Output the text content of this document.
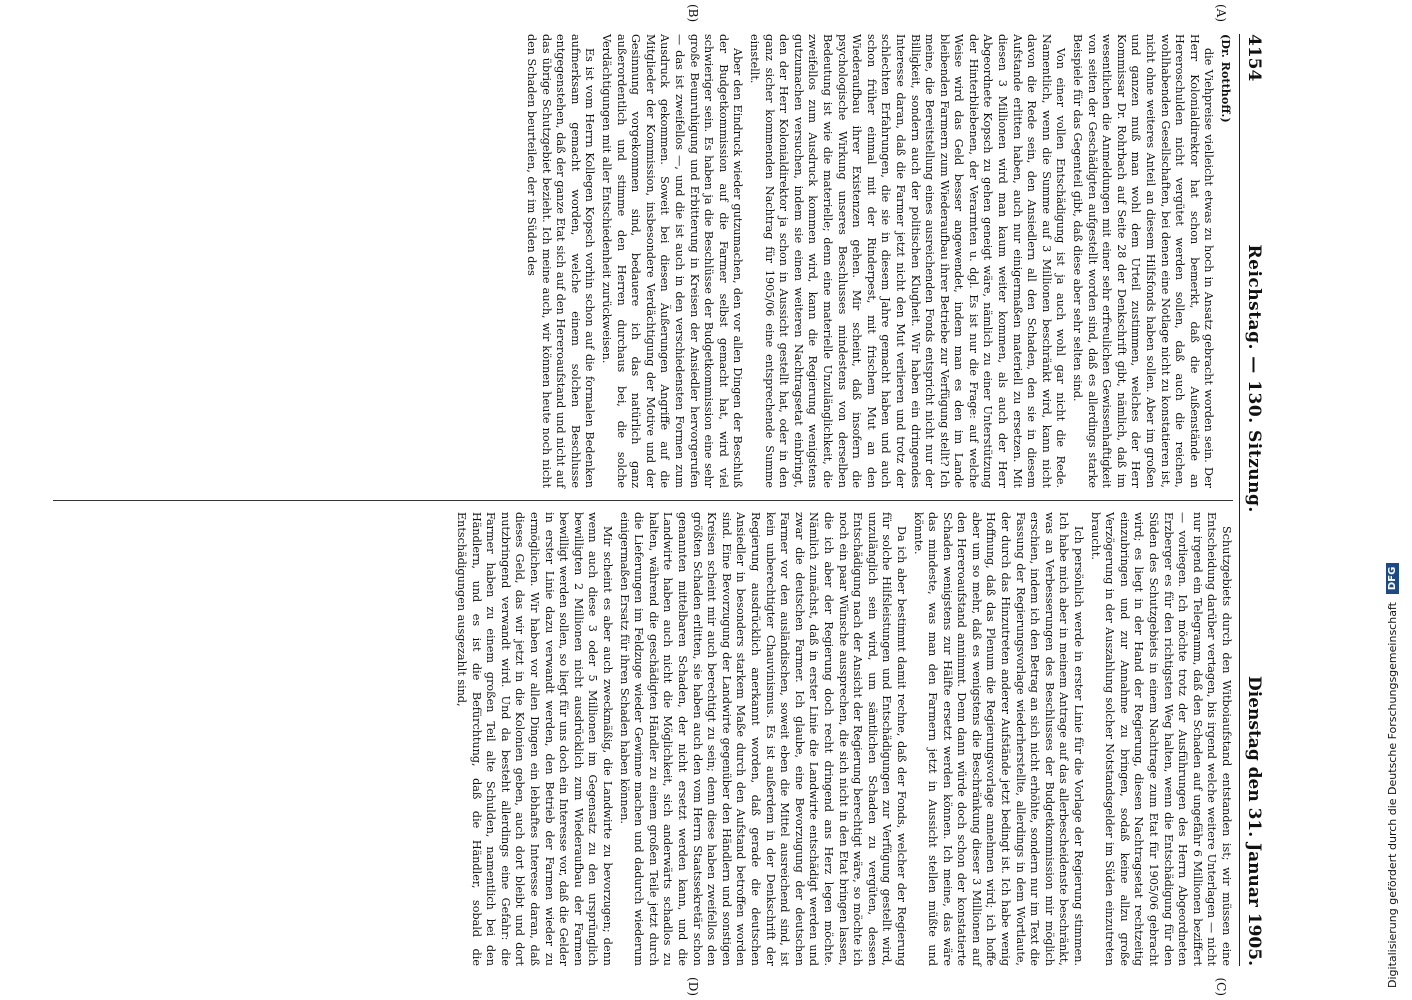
4154
Reichstag. — 130. Sitzung.
Dienstag den 31. Januar 1905.

(Dr. Rotthoff.)

die Viehpreise vielleicht etwas zu hoch in Ansatz gebracht worden sein. Der Herr Kolonialdirektor hat schon bemerkt, daß die Außenstände an Hereroschulden nicht vergütet werden sollen, daß auch die reichen, wohlhabenden Gesellschaften, bei denen eine Notlage nicht zu konstatieren ist, nicht ohne weiteres Anteil an diesem Hilfsfonds haben sollen. Aber im großen und ganzen muß man wohl dem Urteil zustimmen, welches der Herr Kommissar Dr. Rohrbach auf Seite 28 der Denkschrift gibt, nämlich, daß im wesentlichen die Anmeldungen mit einer sehr erfreulichen Gewissenhaftigkeit von seiten der Geschädigten aufgestellt worden sind, daß es allerdings starke Beispiele für das Gegenteil gibt, daß diese aber sehr selten sind.

Von einer vollen Entschädigung ist ja auch wohl gar nicht die Rede. Namentlich, wenn die Summe auf 3 Millionen beschränkt wird, kann nicht davon die Rede sein, den Ansiedlern all den Schaden, den sie in diesem Aufstande erlitten haben, auch nur einigermaßen materiell zu ersetzen. Mit diesen 3 Millionen wird man kaum weiter kommen, als auch der Herr Abgeordnete Kopsch zu gehen geneigt wäre, nämlich zu einer Unterstützung der Hinterbliebenen, der Verarmten u. dgl. Es ist nur die Frage: auf welche Weise wird das Geld besser angewendet, indem man es den im Lande bleibenden Farmern zum Wiederaufbau ihrer Betriebe zur Verfügung stellt? Ich meine, die Bereitstellung eines ausreichenden Fonds entspricht nicht nur der Billigkeit, sondern auch der politischen Klugheit. Wir haben ein dringendes Interesse daran, daß die Farmer jetzt nicht den Mut verlieren und trotz der schlechten Erfahrungen, die sie in diesem Jahre gemacht haben und auch schon früher einmal mit der Rinderpest, mit frischem Mut an den Wiederaufbau ihrer Existenzen gehen. Mir scheint, daß insofern die psychologische Wirkung unseres Beschlusses mindestens von derselben Bedeutung ist wie die materielle; denn eine materielle Unzulänglichkeit, die zweifellos zum Ausdruck kommen wird, kann die Regierung wenigstens gutzumachen versuchen, indem sie einen weiteren Nachtragsetat einbringt, den der Herr Kolonialdirektor ja schon in Aussicht gestellt hat, oder in den ganz sicher kommenden Nachtrag für 1905/06 eine entsprechende Summe einstellt.

Aber den Eindruck wieder gutzumachen, den vor allen Dingen der Beschluß der Budgetkommission auf die Farmer selbst gemacht hat, wird viel schwieriger sein. Es haben ja die Beschlüsse der Budgetkommission eine sehr große Beunruhigung und Erbitterung in Kreisen der Ansiedler hervorgerufen — das ist zweifellos —, und die ist auch in den verschiedensten Formen zum Ausdruck gekommen. Soweit bei diesen Äußerungen Angriffe auf die Mitglieder der Kommission, insbesondere Verdächtigung der Motive und der Gesinnung vorgekommen sind, bedauere ich das natürlich ganz außerordentlich und stimme den Herren durchaus bei, die solche Verdächtigungen mit aller Entschiedenheit zurückweisen.

Es ist vom Herrn Kollegen Kopsch vorhin schon auf die formalen Bedenken aufmerksam gemacht worden, welche einem solchen Beschlusse entgegenstehen, daß der ganze Etat sich auf den Hereroaufstand und nicht auf das übrige Schutzgebiet bezieht. Ich meine auch, wir können heute noch nicht den Schaden beurteilen, der im Süden des

Schutzgebiets durch den Witboiaufstand entstanden ist; wir müssen eine Entscheidung darüber vertagen, bis irgend welche weitere Unterlagen — nicht nur irgend ein Telegramm, daß den Schaden auf ungefähr 6 Millionen beziffert — vorliegen. Ich möchte trotz der Ausführungen des Herrn Abgeordneten Erzberger es für den richtigsten Weg halten, wenn die Entschädigung für den Süden des Schutzgebiets in einem Nachtrage zum Etat für 1905/06 gebracht wird; es liegt in der Hand der Regierung, diesen Nachtragsetat rechtzeitig einzubringen und zur Annahme zu bringen, sodaß keine allzu große Verzögerung in der Auszahlung solcher Notstandsgelder im Süden einzutreten braucht.

Ich persönlich werde in erster Linie für die Vorlage der Regierung stimmen. Ich habe mich aber in meinem Antrage auf das allerbescheidenste beschränkt, was an Verbesserungen des Beschlusses der Budgetkommission mir möglich erschien, indem ich den Betrag an sich nicht erhöhte, sondern nur im Text die Fassung der Regierungsvorlage wiederherstellte, allerdings in dem Wortlaute, der durch das Hinzutreten anderer Aufstände jetzt bedingt ist. Ich habe wenig Hoffnung, daß das Plenum die Regierungsvorlage annehmen wird; ich hoffe aber um so mehr, daß es wenigstens die Beschränkung dieser 3 Millionen auf den Hereroaufstand annimmt. Denn dann würde doch schon der konstatierte Schaden wenigstens zur Hälfte ersetzt werden können. Ich meine, das wäre das mindeste, was man den Farmern jetzt in Aussicht stellen müßte und könnte.

Da ich aber bestimmt damit rechne, daß der Fonds, welcher der Regierung für solche Hilfsleistungen und Entschädigungen zur Verfügung gestellt wird, unzulänglich sein wird, um sämtlichen Schaden zu vergüten, dessen Entschädigung nach der Ansicht der Regierung berechtigt wäre, so möchte ich noch ein paar Wünsche aussprechen, die sich nicht in den Etat bringen lassen, die ich aber der Regierung doch recht dringend ans Herz legen möchte. Nämlich zunächst, daß in erster Linie die Landwirte entschädigt werden und zwar die deutschen Farmer. Ich glaube, eine Bevorzugung der deutschen Farmer vor den ausländischen, soweit eben die Mittel ausreichend sind, ist kein unberechtigter Chauvinismus. Es ist außerdem in der Denkschrift der Regierung ausdrücklich anerkannt worden, daß gerade die deutschen Ansiedler in besonders starkem Maße durch den Aufstand betroffen worden sind. Eine Bevorzugung der Landwirte gegenüber den Händlern und sonstigen Kreisen scheint mir auch berechtigt zu sein; denn diese haben zweifellos den größten Schaden erlitten, sie haben auch den vom Herrn Staatssekretär schon genannten mittelbaren Schaden, der nicht ersetzt werden kann, und die Landwirte haben auch nicht die Möglichkeit, sich anderwärts schadlos zu halten, während die geschädigten Händler zu einem großen Teile jetzt durch die Lieferungen im Feldzuge wieder Gewinne machen und dadurch wiederum einigermaßen Ersatz für ihren Schaden haben können.

Mir scheint es aber auch zweckmäßig, die Landwirte zu bevorzugen; denn wenn auch diese 3 oder 5 Millionen im Gegensatz zu den ursprünglich bewilligten 2 Millionen nicht ausdrücklich zum Wiederaufbau der Farmen bewilligt werden sollen, so liegt für uns doch ein Interesse vor, daß die Gelder in erster Linie dazu verwandt werden, den Betrieb der Farmen wieder zu ermöglichen. Wir haben vor allen Dingen ein lebhaftes Interesse daran, daß dieses Geld, das wir jetzt in die Kolonien geben, auch dort bleibt und dort nutzbringend verwandt wird. Und da besteht allerdings eine Gefahr: die Farmer haben zu einem großen Teil alte Schulden, namentlich bei den Händlern, und es ist die Befürchtung, daß die Händler, sobald die Entschädigungen ausgezahlt sind,

(A)
(B)
(C)
(D)	Digitalisierung gefördert durch die Deutsche Forschungsgemeinschaft
DFG
